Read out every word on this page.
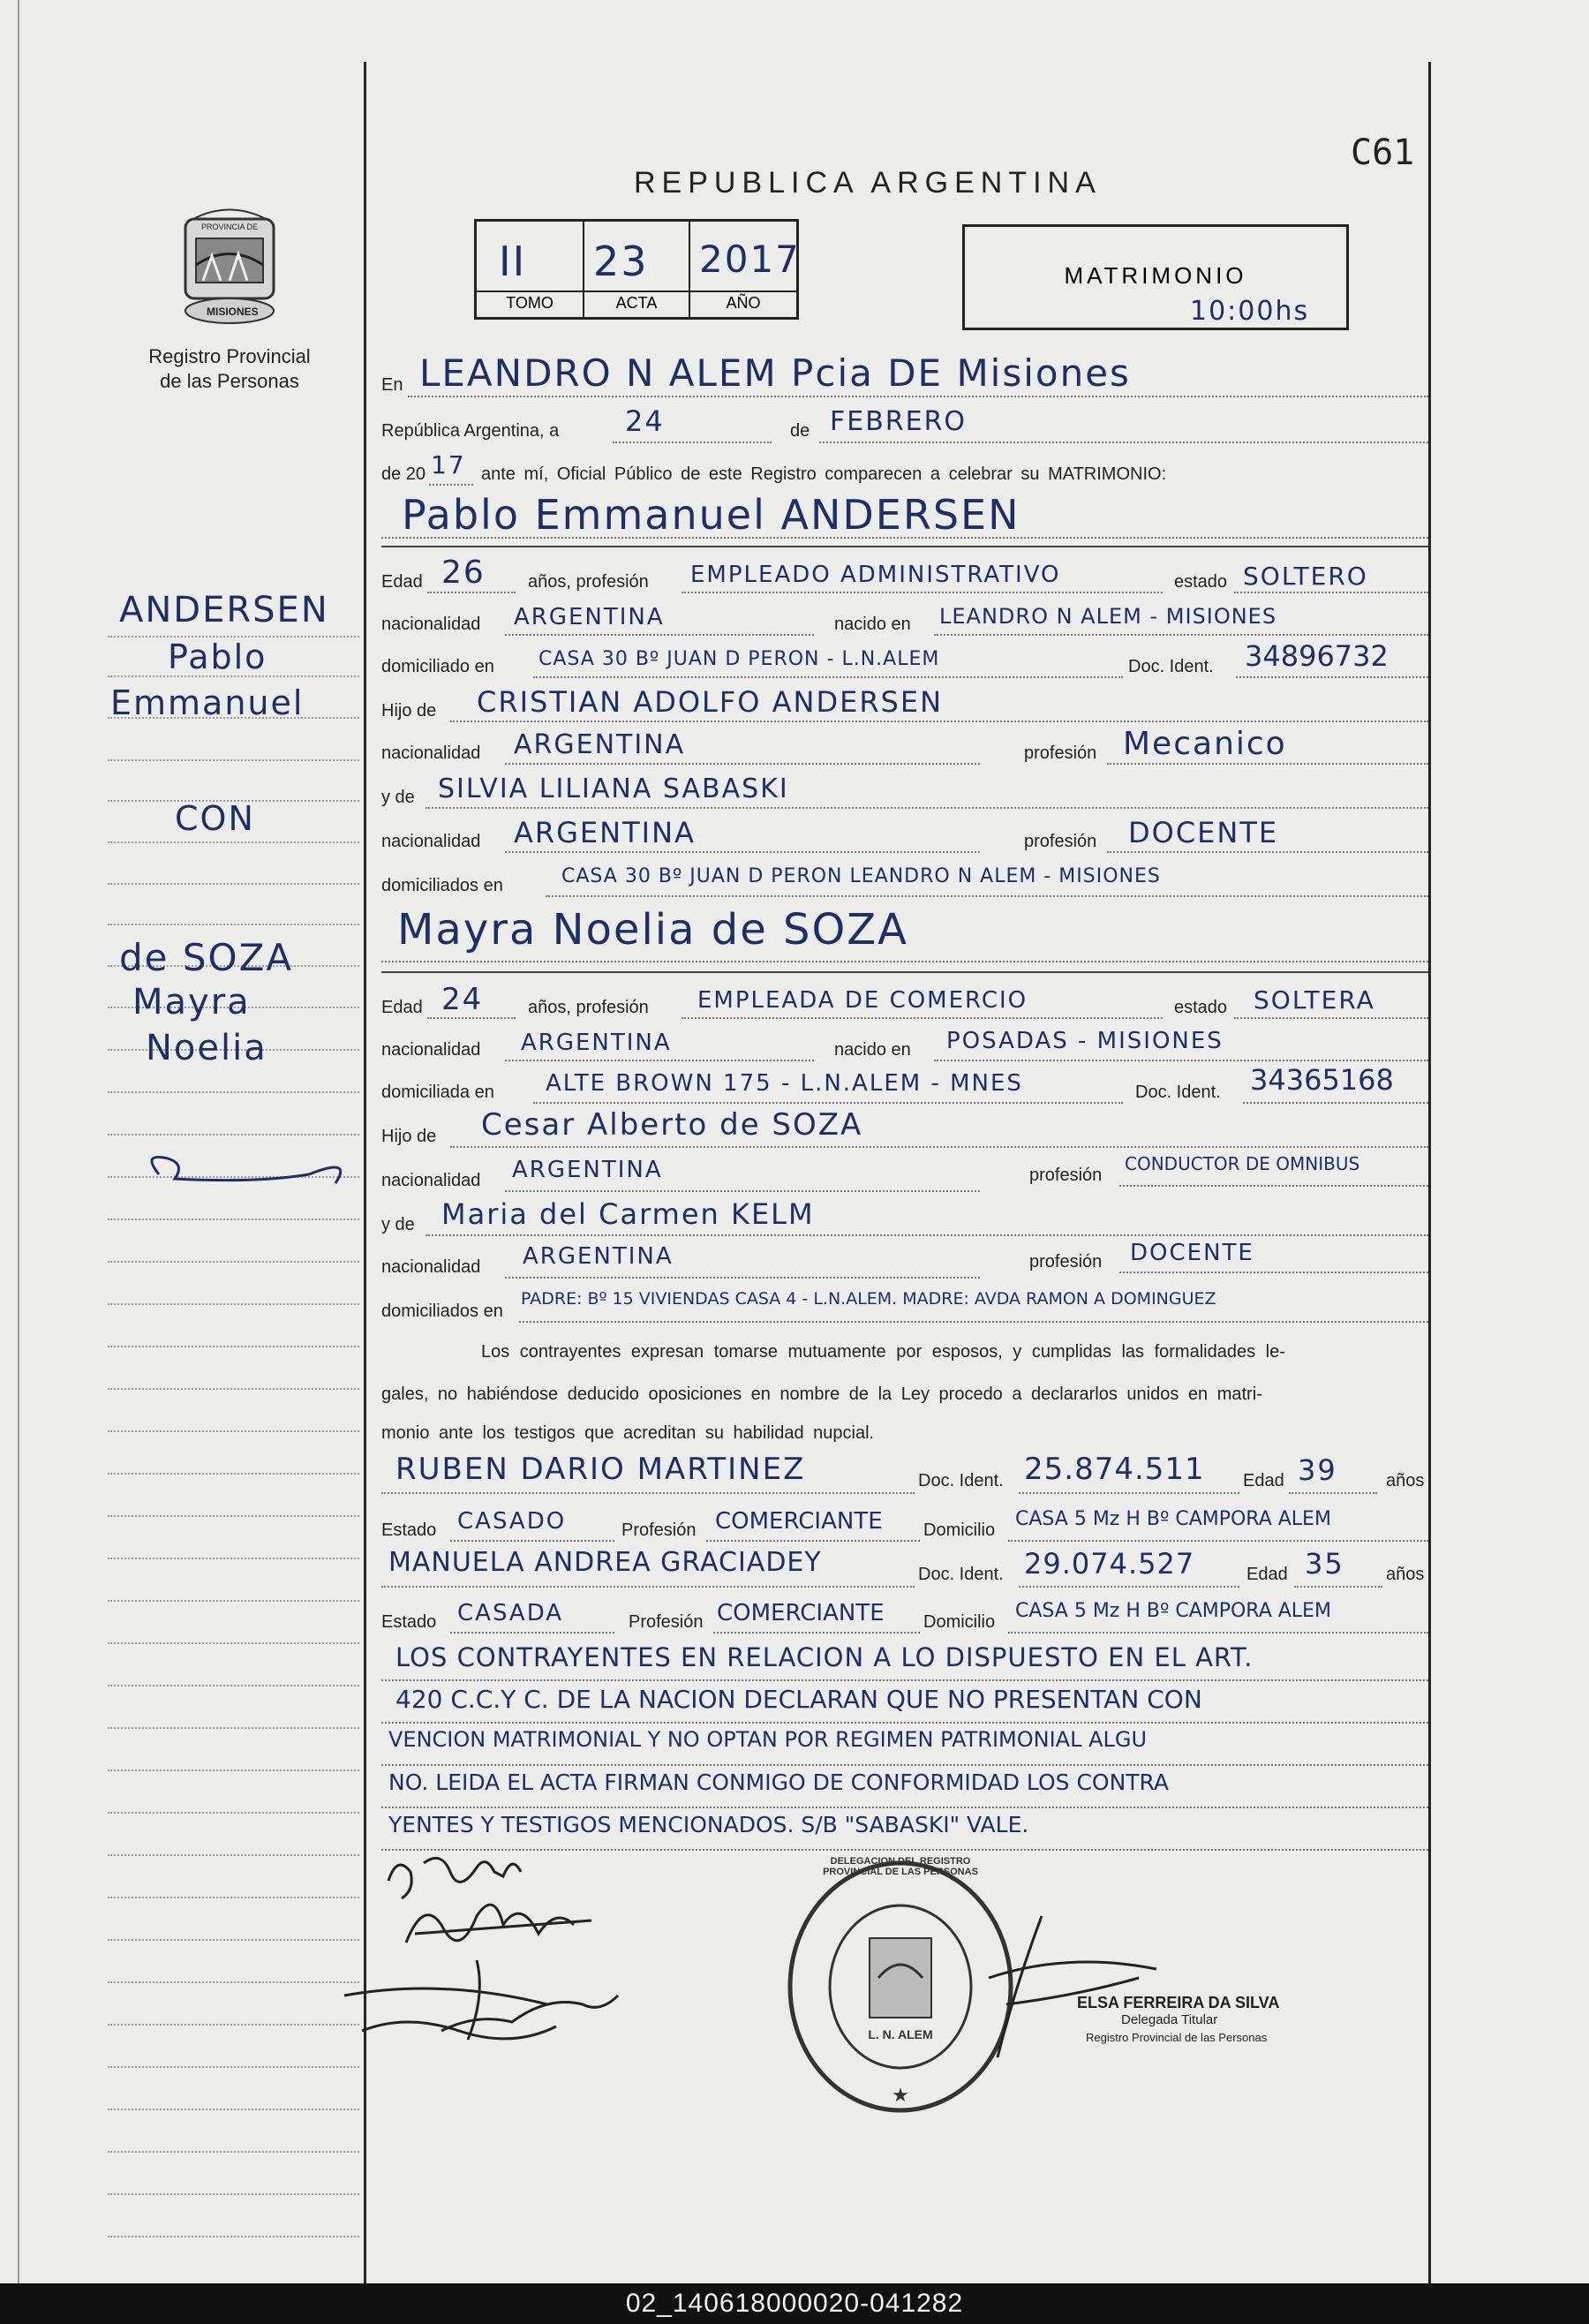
PROVINCIA DE
MISIONES
Registro Provincial
de las Personas
REPUBLICA ARGENTINA
C61
II 23 2017
TOMO	ACTA	AÑO
MATRIMONIO
10:00hs
ANDERSEN
Pablo
Emmanuel
CON
de SOZA
Mayra
Noelia
En LEANDRO N ALEM Pcia DE Misiones
República Argentina, a 24	de FEBRERO
de 20 17 ante mí, Oficial Público de este Registro comparecen a celebrar su MATRIMONIO:
Pablo Emmanuel ANDERSEN
Edad 26 años, profesión EMPLEADO ADMINISTRATIVO	estado SOLTERO
nacionalidad ARGENTINA	nacido en LEANDRO N ALEM - MISIONES
domiciliado en CASA 30 Bº JUAN D PERON - L.N.ALEM	Doc. Ident. 34896732
Hijo de CRISTIAN ADOLFO ANDERSEN
nacionalidad ARGENTINA	profesión Mecanico
y de SILVIA LILIANA SABASKI
nacionalidad ARGENTINA	profesión DOCENTE
domiciliados en	CASA 30 Bº JUAN D PERON LEANDRO N ALEM - MISIONES
Mayra Noelia de SOZA
Edad 24	años, profesión EMPLEADA DE COMERCIO	estado SOLTERA
nacionalidad ARGENTINA	nacido en POSADAS - MISIONES
domiciliada en ALTE BROWN 175 - L.N.ALEM - MNES	Doc. Ident. 34365168
Hijo de Cesar Alberto de SOZA
nacionalidad ARGENTINA	profesión
CONDUCTOR DE OMNIBUS
y de Maria del Carmen KELM
nacionalidad ARGENTINA	profesión DOCENTE
domiciliados en
PADRE: Bº 15 VIVIENDAS CASA 4 - L.N.ALEM. MADRE: AVDA RAMON A DOMINGUEZ
Los contrayentes expresan tomarse mutuamente por esposos, y cumplidas las formalidades le-
gales, no habiéndose deducido oposiciones en nombre de la Ley procedo a declararlos unidos en matri-
monio ante los testigos que acreditan su habilidad nupcial.
RUBEN DARIO MARTINEZ	Doc. Ident. 25.874.511 Edad 39	años
Estado CASADO	Profesión COMERCIANTE Domicilio CASA 5 Mz H Bº CAMPORA ALEM
MANUELA ANDREA GRACIADEY	Doc. Ident. 29.074.527	Edad 35 años
Estado CASADA	Profesión COMERCIANTE Domicilio CASA 5 Mz H Bº CAMPORA ALEM
LOS CONTRAYENTES EN RELACION A LO DISPUESTO EN EL ART.
420 C.C.Y C. DE LA NACION DECLARAN QUE NO PRESENTAN CON
VENCION MATRIMONIAL Y NO OPTAN POR REGIMEN PATRIMONIAL ALGU
NO. LEIDA EL ACTA FIRMAN CONMIGO DE CONFORMIDAD LOS CONTRA
YENTES Y TESTIGOS MENCIONADOS. S/B "SABASKI" VALE.
★
DELEGACION DEL REGISTRO PROVINCIAL DE LAS PERSONAS
L. N. ALEM
ELSA FERREIRA DA SILVA
Delegada Titular
Registro Provincial de las Personas
02_140618000020-041282
